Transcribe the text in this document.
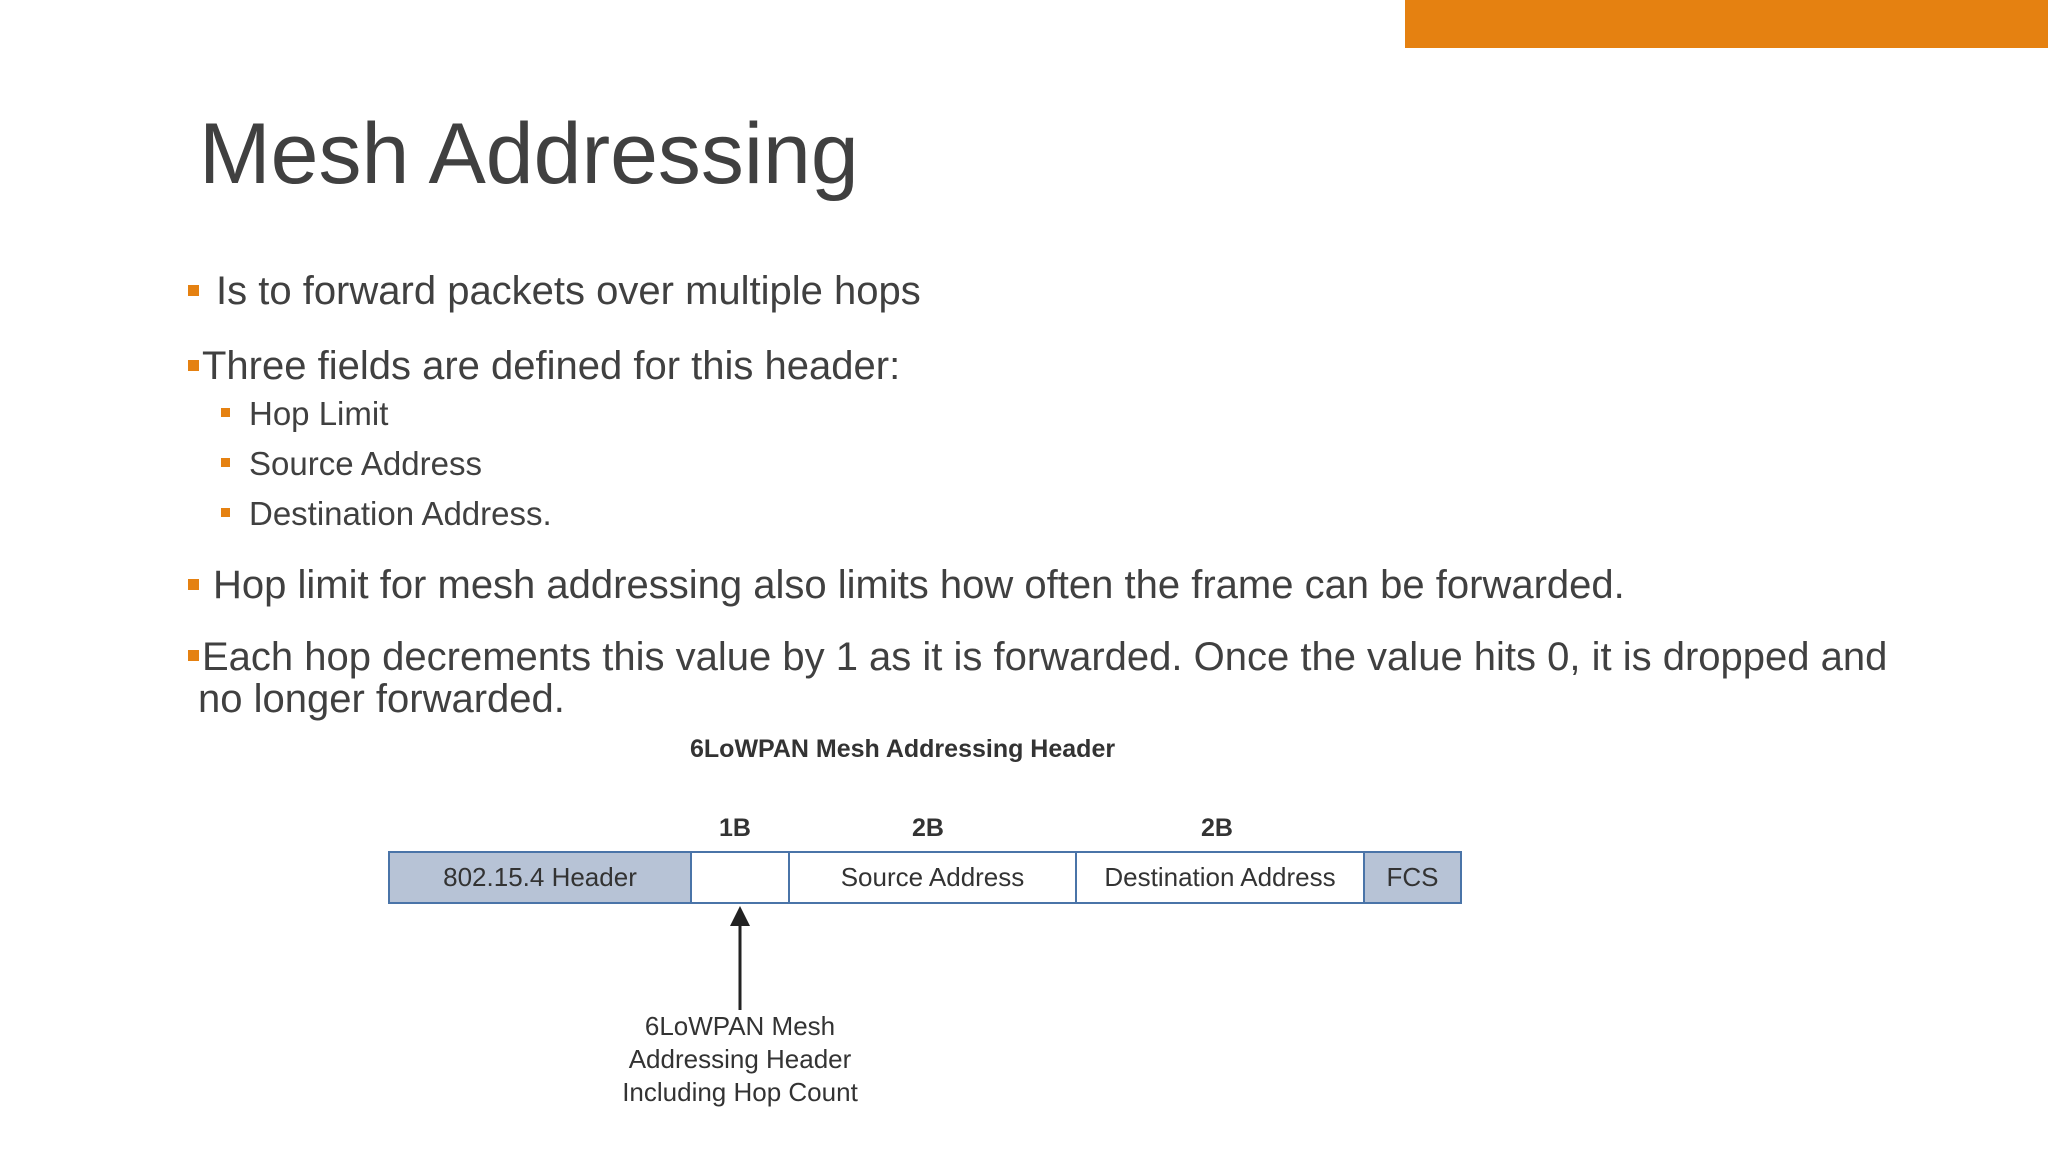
Mesh Addressing
Is to forward packets over multiple hops
Three fields are defined for this header:
Hop Limit
Source Address
Destination Address.
Hop limit for mesh addressing also limits how often the frame can be forwarded.
Each hop decrements this value by 1 as it is forwarded. Once the value hits 0, it is dropped and no longer forwarded.
6LoWPAN Mesh Addressing Header
1B	2B	2B
802.15.4 Header	Source Address	Destination Address	FCS
6LoWPAN Mesh
Addressing Header
Including Hop Count
